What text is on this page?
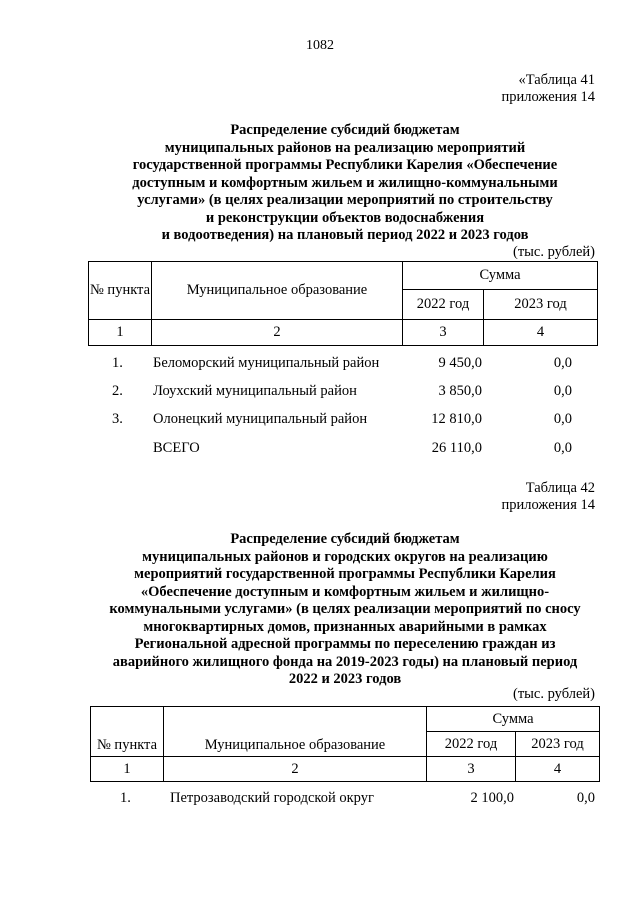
1082
«Таблица 41
приложения 14
Распределение субсидий бюджетам
муниципальных районов на реализацию мероприятий
государственной программы Республики Карелия «Обеспечение
доступным и комфортным жильем и жилищно-коммунальными
услугами» (в целях реализации мероприятий по строительству
и реконструкции объектов водоснабжения
и водоотведения) на плановый период 2022 и 2023 годов
(тыс. рублей)
№ пункта	Муниципальное образование	Сумма	
		2022 год	2023 год
1	2	3	4
1. Беломорский муниципальный район	9 450,0	0,0
2. Лоухский муниципальный район	3 850,0	0,0
3. Олонецкий муниципальный район	12 810,0	0,0
ВСЕГО	26 110,0	0,0
Таблица 42
приложения 14
Распределение субсидий бюджетам
муниципальных районов и городских округов на реализацию
мероприятий государственной программы Республики Карелия
«Обеспечение доступным и комфортным жильем и жилищно-
коммунальными услугами» (в целях реализации мероприятий по сносу
многоквартирных домов, признанных аварийными в рамках
Региональной адресной программы по переселению граждан из
аварийного жилищного фонда на 2019-2023 годы) на плановый период
2022 и 2023 годов
(тыс. рублей)
№ пункта	Муниципальное образование	Сумма	
		2022 год	2023 год
1	2	3	4
1.	Петрозаводский городской округ	2 100,0	0,0
